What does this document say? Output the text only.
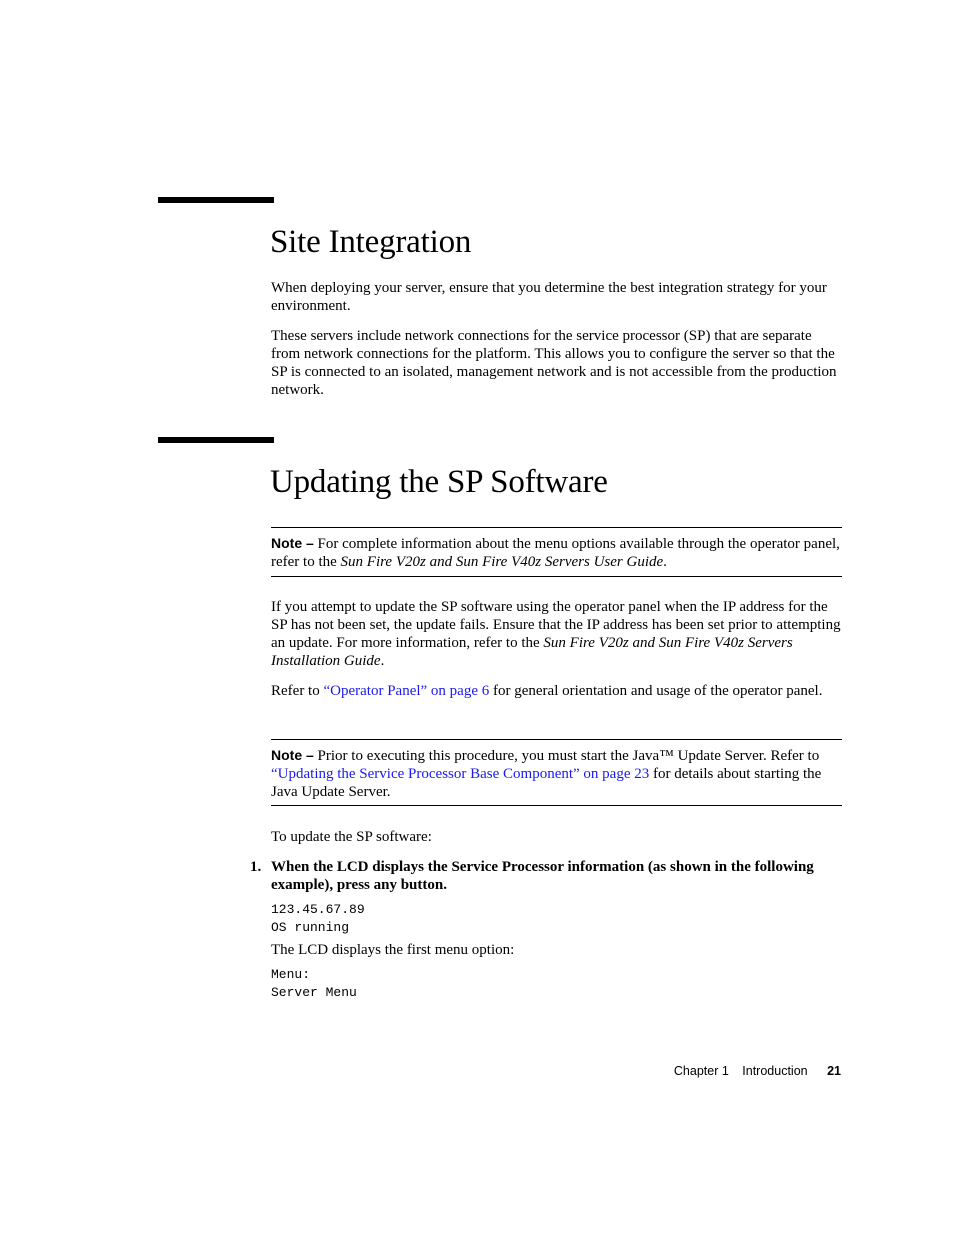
Site Integration

When deploying your server, ensure that you determine the best integration strategy for your environment.

These servers include network connections for the service processor (SP) that are separate from network connections for the platform. This allows you to configure the server so that the SP is connected to an isolated, management network and is not accessible from the production network.

Updating the SP Software

Note – For complete information about the menu options available through the operator panel, refer to the Sun Fire V20z and Sun Fire V40z Servers User Guide.

If you attempt to update the SP software using the operator panel when the IP address for the SP has not been set, the update fails. Ensure that the IP address has been set prior to attempting an update. For more information, refer to the Sun Fire V20z and Sun Fire V40z Servers Installation Guide.

Refer to “Operator Panel” on page 6 for general orientation and usage of the operator panel.

Note – Prior to executing this procedure, you must start the Java™ Update Server. Refer to “Updating the Service Processor Base Component” on page 23 for details about starting the Java Update Server.

To update the SP software:

1. When the LCD displays the Service Processor information (as shown in the following example), press any button.
123.45.67.89
OS running

The LCD displays the first menu option:

Menu:
Server Menu
Chapter 1 Introduction 21
